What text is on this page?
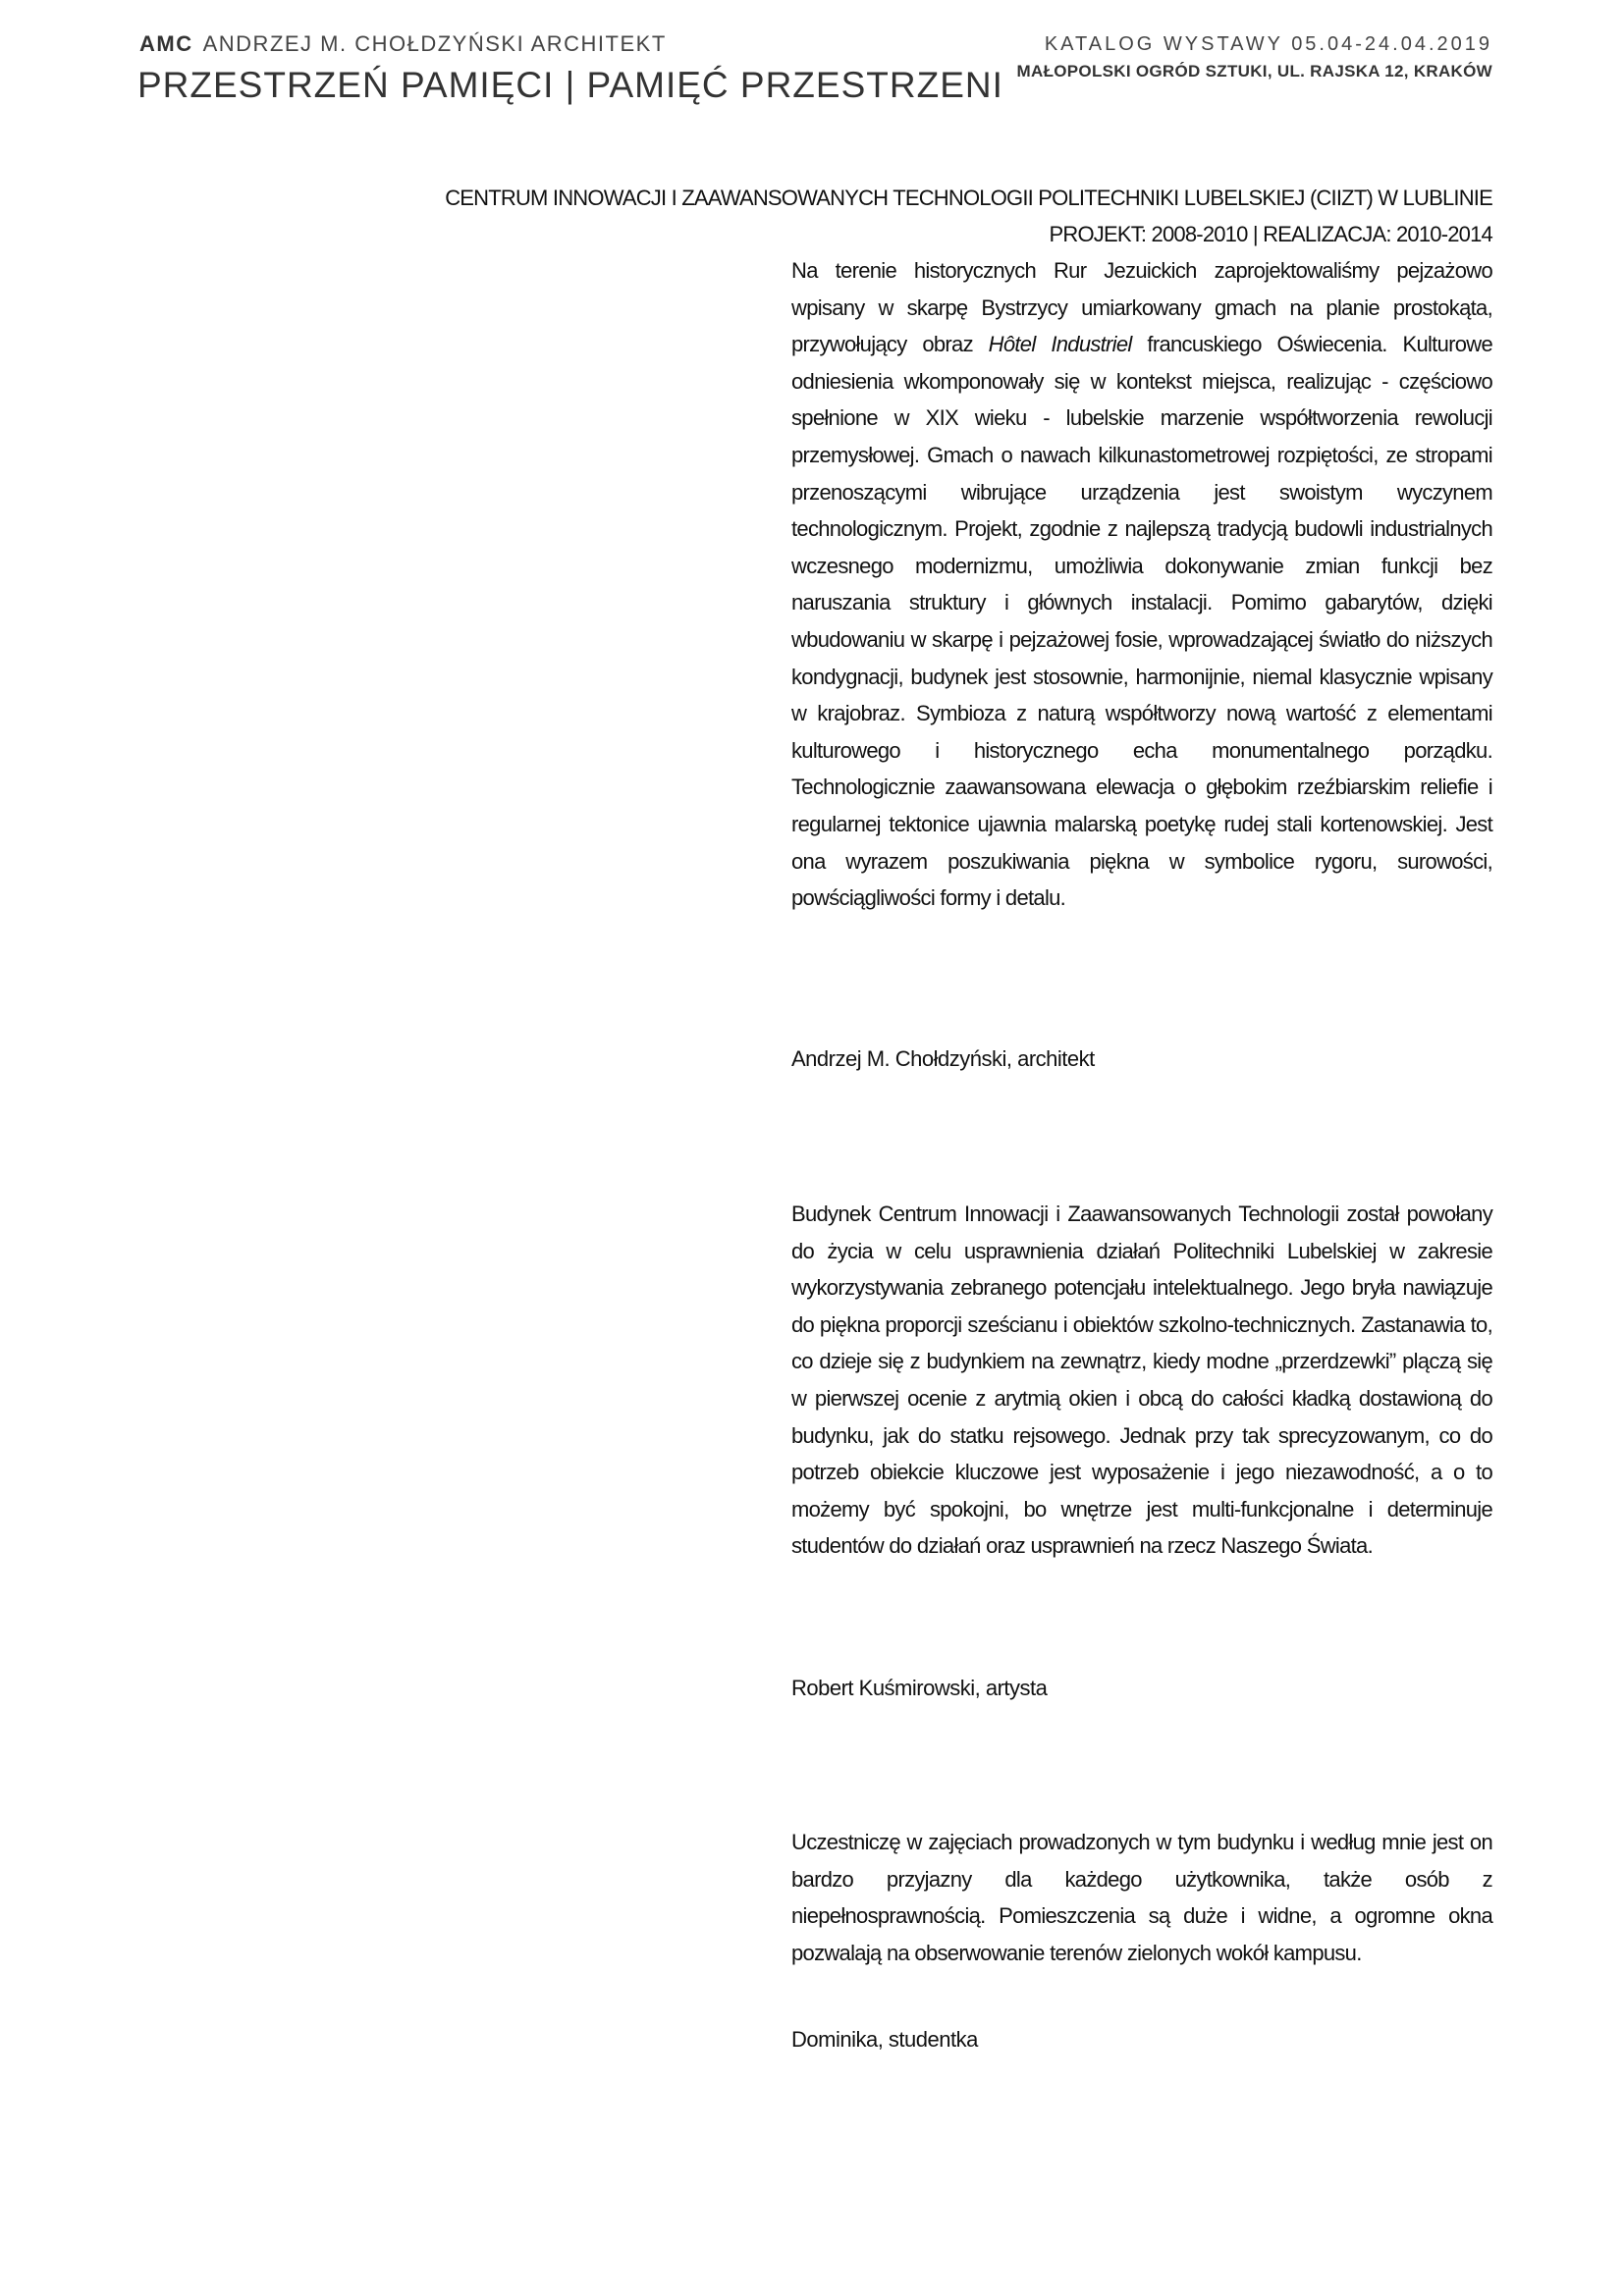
AMC ANDRZEJ M. CHOŁDZYŃSKI ARCHITEKT
PRZESTRZEŃ PAMIĘCI | PAMIĘĆ PRZESTRZENI
KATALOG WYSTAWY 05.04-24.04.2019
MAŁOPOLSKI OGRÓD SZTUKI, UL. RAJSKA 12, KRAKÓW
CENTRUM INNOWACJI I ZAAWANSOWANYCH TECHNOLOGII POLITECHNIKI LUBELSKIEJ (CIIZT) W LUBLINIE
PROJEKT: 2008-2010 | REALIZACJA: 2010-2014

Na terenie historycznych Rur Jezuickich zaprojektowaliśmy pejzażowo wpisany w skarpę Bystrzycy umiarkowany gmach na planie prostokąta, przywołujący obraz Hôtel Industriel francuskiego Oświecenia. Kulturowe odniesienia wkomponowały się w kontekst miejsca, realizując - częściowo spełnione w XIX wieku - lubelskie marzenie współtworzenia rewolucji przemysłowej. Gmach o nawach kilkunastometrowej rozpiętości, ze stropami przenoszącymi wibrujące urządzenia jest swoistym wyczynem technologicznym. Projekt, zgodnie z najlepszą tradycją budowli industrialnych wczesnego modernizmu, umożliwia dokonywanie zmian funkcji bez naruszania struktury i głównych instalacji. Pomimo gabarytów, dzięki wbudowaniu w skarpę i pejzażowej fosie, wprowadzającej światło do niższych kondygnacji, budynek jest stosownie, harmonijnie, niemal klasycznie wpisany w krajobraz. Symbioza z naturą współtworzy nową wartość z elementami kulturowego i historycznego echa monumentalnego porządku. Technologicznie zaawansowana elewacja o głębokim rzeźbiarskim reliefie i regularnej tektonice ujawnia malarską poetykę rudej stali kortenowskiej. Jest ona wyrazem poszukiwania piękna w symbolice rygoru, surowości, powściągliwości formy i detalu.

Andrzej M. Chołdzyński, architekt

Budynek Centrum Innowacji i Zaawansowanych Technologii został powołany do życia w celu usprawnienia działań Politechniki Lubelskiej w zakresie wykorzystywania zebranego potencjału intelektualnego. Jego bryła nawiązuje do piękna proporcji sześcianu i obiektów szkolno-technicznych. Zastanawia to, co dzieje się z budynkiem na zewnątrz, kiedy modne „przerdzewki” plączą się w pierwszej ocenie z arytmią okien i obcą do całości kładką dostawioną do budynku, jak do statku rejsowego. Jednak przy tak sprecyzowanym, co do potrzeb obiekcie kluczowe jest wyposażenie i jego niezawodność, a o to możemy być spokojni, bo wnętrze jest multi-funkcjonalne i determinuje studentów do działań oraz usprawnień na rzecz Naszego Świata.

Robert Kuśmirowski, artysta

Uczestniczę w zajęciach prowadzonych w tym budynku i według mnie jest on bardzo przyjazny dla każdego użytkownika, także osób z niepełnosprawnością. Pomieszczenia są duże i widne, a ogromne okna pozwalają na obserwowanie terenów zielonych wokół kampusu.

Dominika, studentka
